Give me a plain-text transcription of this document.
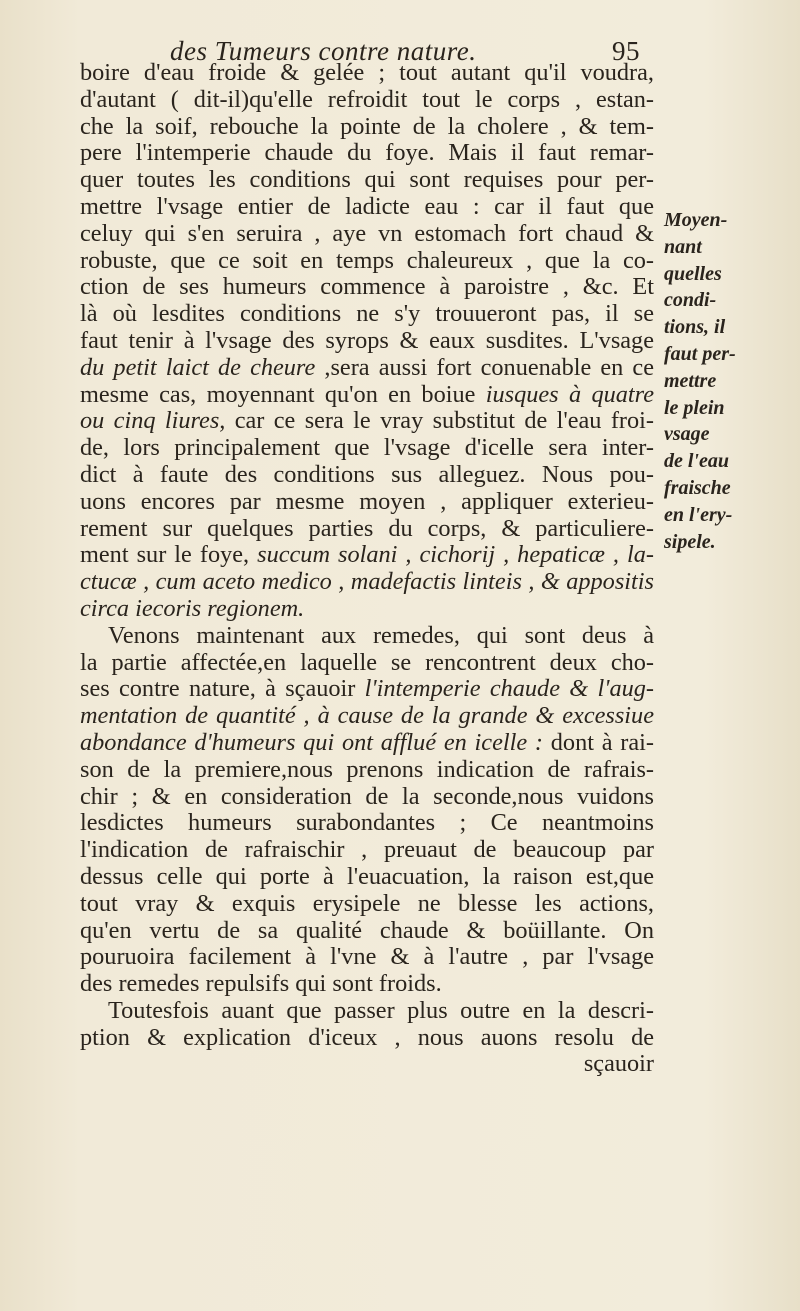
des Tumeurs contre nature.	95
boire d'eau froide & gelée ; tout autant qu'il voudra,
d'autant ( dit-il)qu'elle refroidit tout le corps , estan-
che la soif, rebouche la pointe de la cholere , & tem-
pere l'intemperie chaude du foye. Mais il faut remar-
quer toutes les conditions qui sont requises pour per-
mettre l'vsage entier de ladicte eau : car il faut que
celuy qui s'en seruira , aye vn estomach fort chaud &
robuste, que ce soit en temps chaleureux , que la co-
ction de ses humeurs commence à paroistre , &c. Et
là où lesdites conditions ne s'y trouueront pas, il se
faut tenir à l'vsage des syrops & eaux susdites. L'vsage
du petit laict de cheure ,sera aussi fort conuenable en ce
mesme cas, moyennant qu'on en boiue iusques à quatre
ou cinq liures, car ce sera le vray substitut de l'eau froi-
de, lors principalement que l'vsage d'icelle sera inter-
dict à faute des conditions sus alleguez. Nous pou-
uons encores par mesme moyen , appliquer exterieu-
rement sur quelques parties du corps, & particuliere-
ment sur le foye, succum solani , cichorij , hepaticæ , la-
ctucæ , cum aceto medico , madefactis linteis , & appositis
circa iecoris regionem.
Venons maintenant aux remedes, qui sont deus à
la partie affectée,en laquelle se rencontrent deux cho-
ses contre nature, à sçauoir l'intemperie chaude & l'aug-
mentation de quantité , à cause de la grande & excessiue
abondance d'humeurs qui ont afflué en icelle : dont à rai-
son de la premiere,nous prenons indication de rafrais-
chir ; & en consideration de la seconde,nous vuidons
lesdictes humeurs surabondantes ; Ce neantmoins
l'indication de rafraischir , preuaut de beaucoup par
dessus celle qui porte à l'euacuation, la raison est,que
tout vray & exquis erysipele ne blesse les actions,
qu'en vertu de sa qualité chaude & boüillante. On
pouruoira facilement à l'vne & à l'autre , par l'vsage
des remedes repulsifs qui sont froids.
Toutesfois auant que passer plus outre en la descri-
ption & explication d'iceux , nous auons resolu de
sçauoir
Moyen-
nant
quelles
condi-
tions, il
faut per-
mettre
le plein
vsage
de l'eau
fraische
en l'ery-
sipele.
